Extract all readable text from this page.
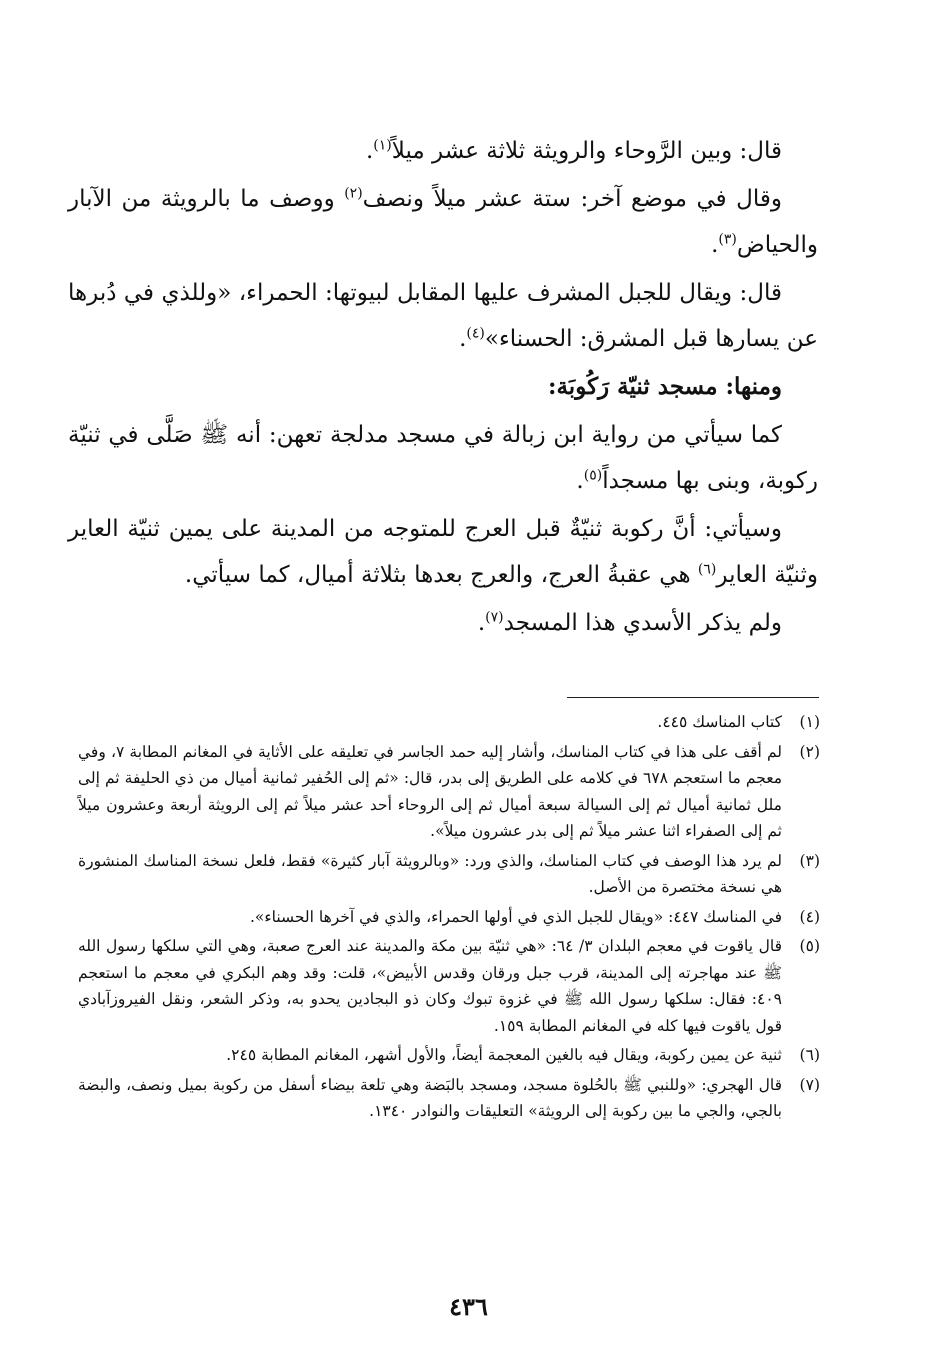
قال: وبين الرَّوحاء والرويثة ثلاثة عشر ميلاً$^{(١)}$.

وقال في موضع آخر: ستة عشر ميلاً ونصف$^{(٢)}$ ووصف ما بالرويثة من الآبار والحياض$^{(٣)}$.

قال: ويقال للجبل المشرف عليها المقابل لبيوتها: الحمراء، «وللذي في دُبرها عن يسارها قبل المشرق: الحسناء»$^{(٤)}$.

ومنها: مسجد ثنيّة رَكُوبَة:

كما سيأتي من رواية ابن زبالة في مسجد مدلجة تعهن: أنه ﷺ صَلَّى في ثنيّة ركوبة، وبنى بها مسجداً$^{(٥)}$.

وسيأتي: أنَّ ركوبة ثنيّةٌ قبل العرج للمتوجه من المدينة على يمين ثنيّة العاير وثنيّة العاير$^{(٦)}$ هي عقبةُ العرج، والعرج بعدها بثلاثة أميال، كما سيأتي.

ولم يذكر الأسدي هذا المسجد$^{(٧)}$.

(١)
كتاب المناسك ٤٤٥.
(٢)
لم أقف على هذا في كتاب المناسك، وأشار إليه حمد الجاسر في تعليقه على الأثاية في المغانم المطابة ٧، وفي معجم ما استعجم ٦٧٨ في كلامه على الطريق إلى بدر، قال: «ثم إلى الحُفير ثمانية أميال من ذي الحليفة ثم إلى ملل ثمانية أميال ثم إلى السيالة سبعة أميال ثم إلى الروحاء أحد عشر ميلاً ثم إلى الرويثة أربعة وعشرون ميلاً ثم إلى الصفراء اثنا عشر ميلاً ثم إلى بدر عشرون ميلاً».
(٣)
لم يرد هذا الوصف في كتاب المناسك، والذي ورد: «وبالرويثة آبار كثيرة» فقط، فلعل نسخة المناسك المنشورة هي نسخة مختصرة من الأصل.
(٤)
في المناسك ٤٤٧: «ويقال للجبل الذي في أولها الحمراء، والذي في آخرها الحسناء».
(٥)
قال ياقوت في معجم البلدان ٣/ ٦٤: «هي ثنيّة بين مكة والمدينة عند العرج صعبة، وهي التي سلكها رسول الله ﷺ عند مهاجرته إلى المدينة، قرب جبل ورقان وقدس الأبيض»، قلت: وقد وهم البكري في معجم ما استعجم ٤٠٩: فقال: سلكها رسول الله ﷺ في غزوة تبوك وكان ذو البجادين يحدو به، وذكر الشعر، ونقل الفيروزآبادي قول ياقوت فيها كله في المغانم المطابة ١٥٩.
(٦)
ثنية عن يمين ركوبة، ويقال فيه بالغين المعجمة أيضاً، والأول أشهر، المغانم المطابة ٢٤٥.
(٧)
قال الهجري: «وللنبي ﷺ بالحُلوة مسجد، ومسجد بالبَضة وهي تلعة بيضاء أسفل من ركوبة بميل ونصف، والبضة بالجي، والجي ما بين ركوبة إلى الرويثة» التعليقات والنوادر ١٣٤٠.
٤٣٦
